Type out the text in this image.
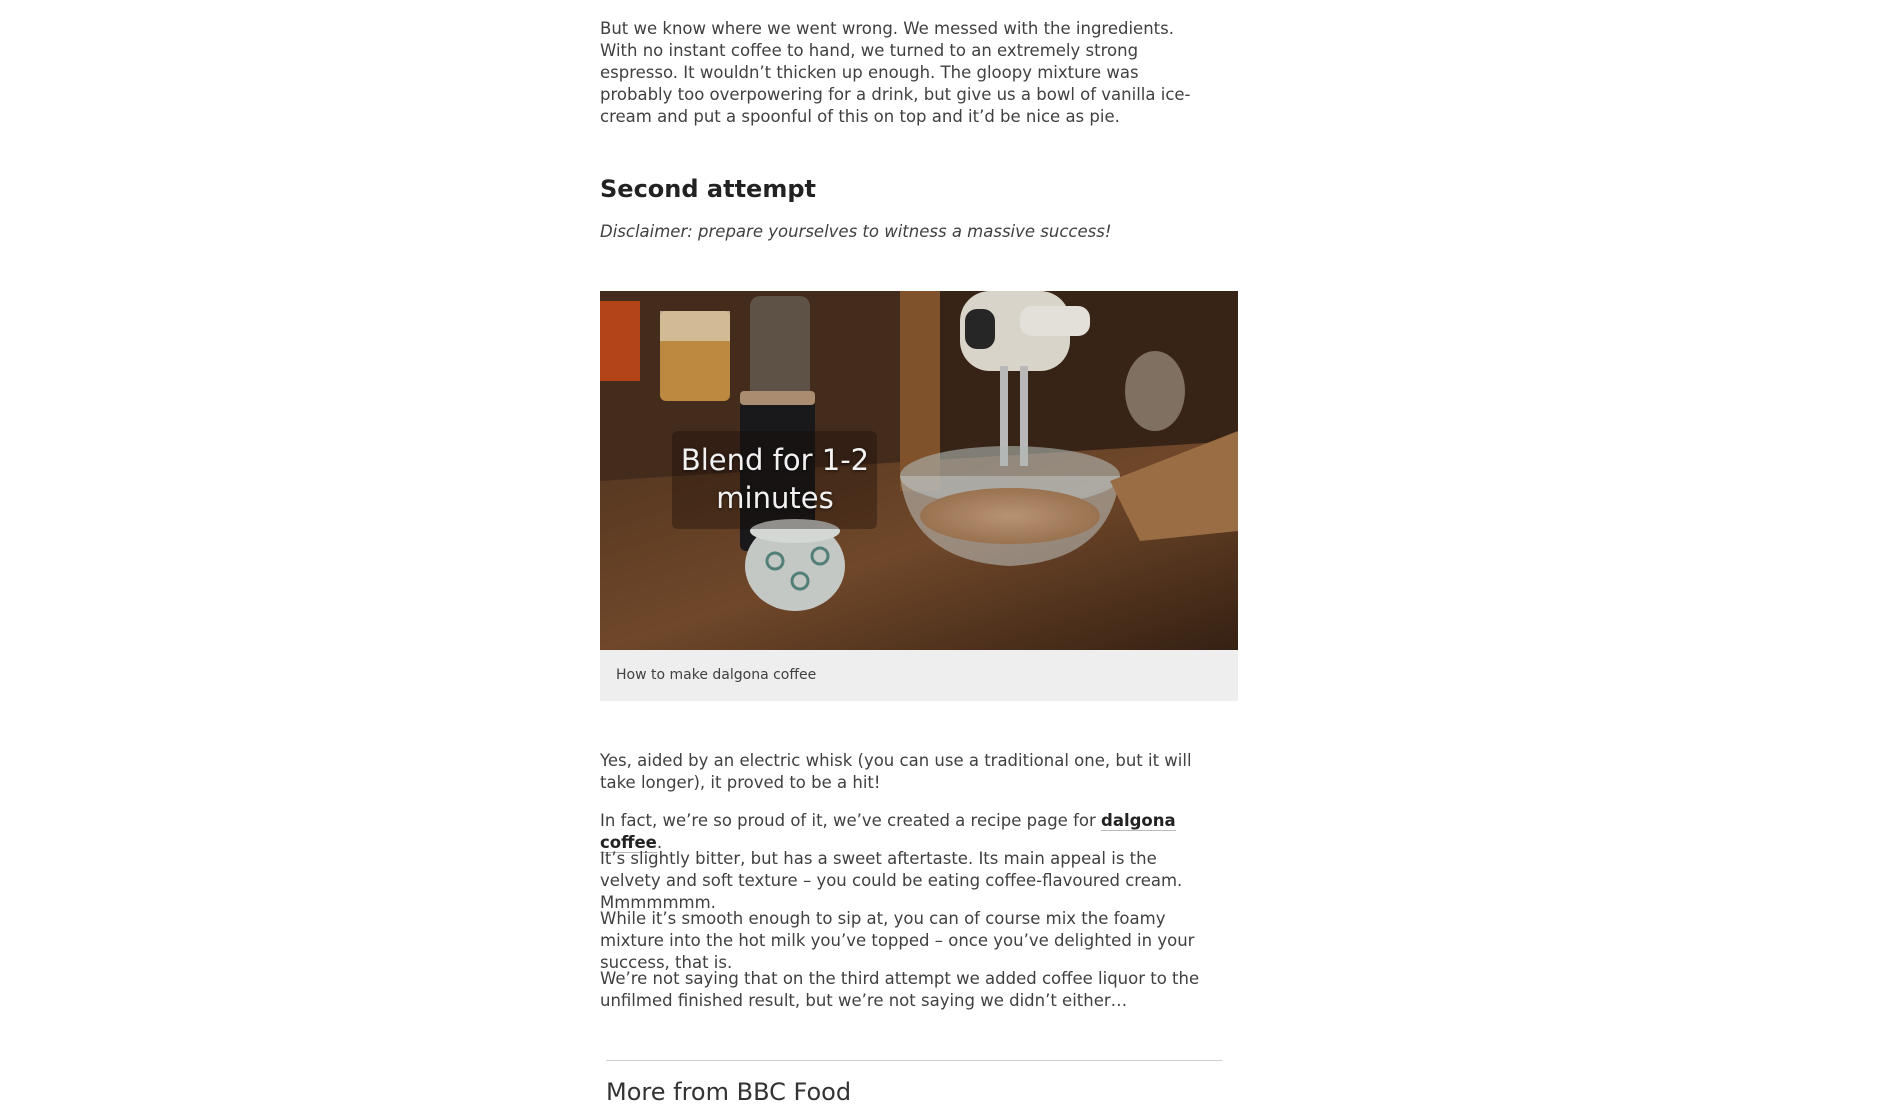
But we know where we went wrong. We messed with the ingredients. With no instant coffee to hand, we turned to an extremely strong espresso. It wouldn’t thicken up enough. The gloopy mixture was probably too overpowering for a drink, but give us a bowl of vanilla ice-cream and put a spoonful of this on top and it’d be nice as pie.

Second attempt

Disclaimer: prepare yourselves to witness a massive success!

Blend for 1-2 minutes
How to make dalgona coffee

Yes, aided by an electric whisk (you can use a traditional one, but it will take longer), it proved to be a hit!

In fact, we’re so proud of it, we’ve created a recipe page for dalgona coffee.

It’s slightly bitter, but has a sweet aftertaste. Its main appeal is the velvety and soft texture – you could be eating coffee-flavoured cream. Mmmmmmm.

While it’s smooth enough to sip at, you can of course mix the foamy mixture into the hot milk you’ve topped – once you’ve delighted in your success, that is.

We’re not saying that on the third attempt we added coffee liquor to the unfilmed finished result, but we’re not saying we didn’t either…

More from BBC Food
